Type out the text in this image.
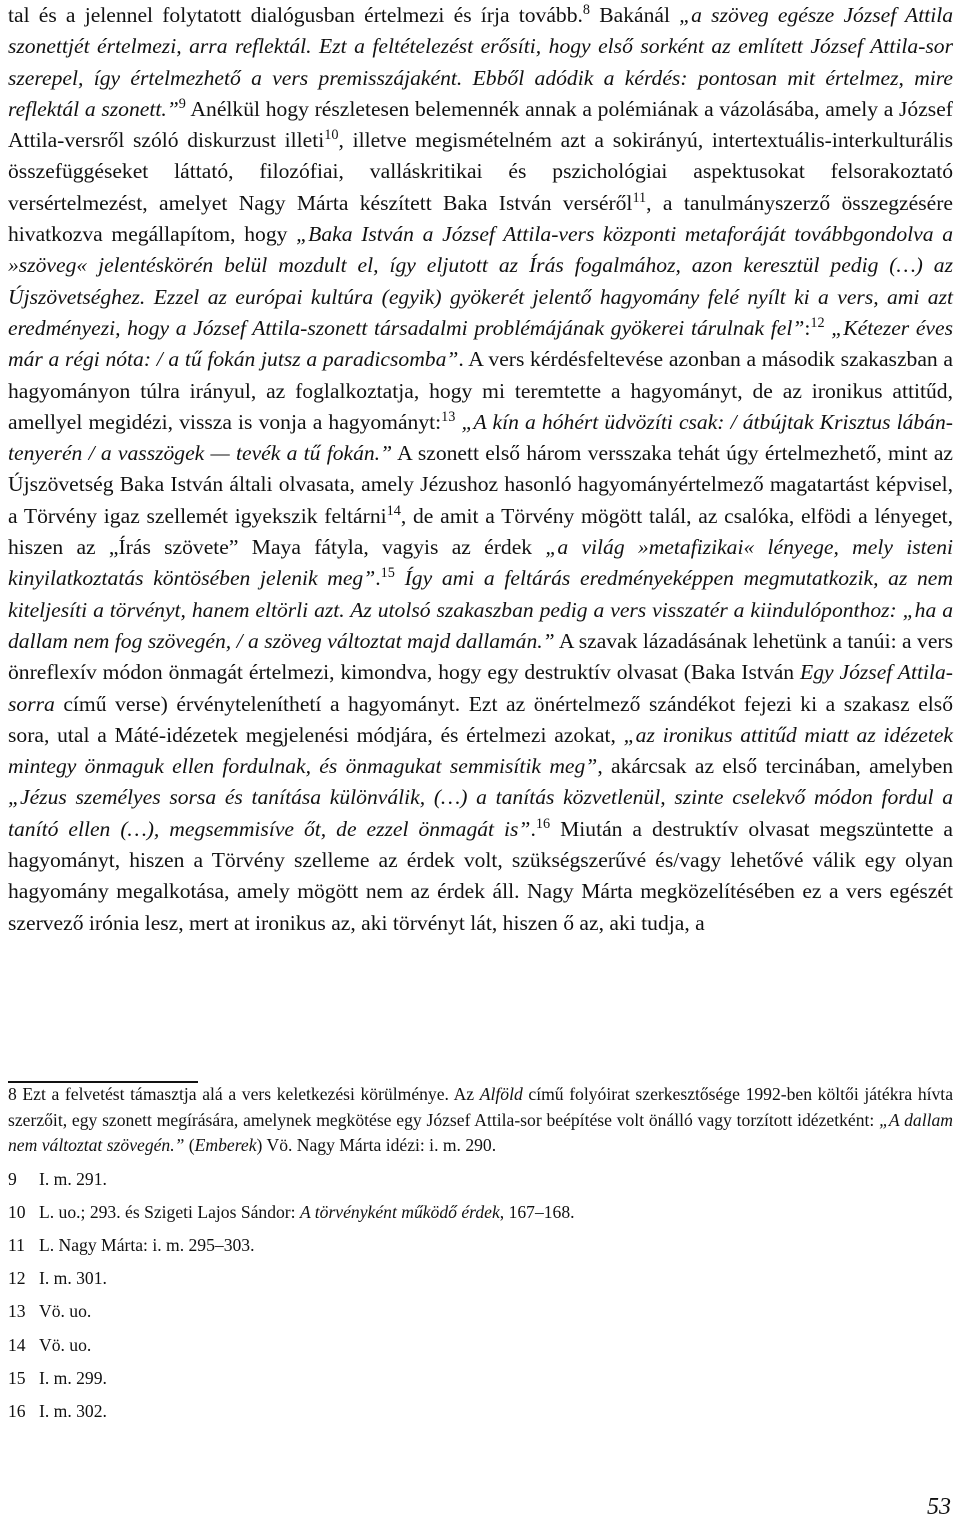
tal és a jelennel folytatott dialógusban értelmezi és írja tovább.$^8$ Bakánál „a szöveg egésze József Attila szonettjét értelmezi, arra reflektál. Ezt a feltételezést erősíti, hogy első sorként az említett József Attila-sor szerepel, így értelmezhető a vers premisszájaként. Ebből adódik a kérdés: pontosan mit értelmez, mire reflektál a szonett.”$^9$ Anélkül hogy részletesen belemennék annak a polémiának a vázolásába, amely a József Attila-versről szóló diskurzust illeti$^{10}$, illetve megismételném azt a sokirányú, intertextuális-interkulturális összefüggéseket láttató, filozófiai, valláskritikai és pszichológiai aspektusokat felsorakoztató versértelmezést, amelyet Nagy Márta készített Baka István verséről$^{11}$, a tanulmányszerző összegzésére hivatkozva megállapítom, hogy „Baka István a József Attila-vers központi metaforáját továbbgondolva a »szöveg« jelentéskörén belül mozdult el, így eljutott az Írás fogalmához, azon keresztül pedig (…) az Újszövetséghez. Ezzel az európai kultúra (egyik) gyökerét jelentő hagyomány felé nyílt ki a vers, ami azt eredményezi, hogy a József Attila-szonett társadalmi problémájának gyökerei tárulnak fel”:$^{12}$ „Kétezer éves már a régi nóta: / a tű fokán jutsz a paradicsomba”. A vers kérdésfeltevése azonban a második szakaszban a hagyományon túlra irányul, az foglalkoztatja, hogy mi teremtette a hagyományt, de az ironikus attitűd, amellyel megidézi, vissza is vonja a hagyományt:$^{13}$ „A kín a hóhért üdvözíti csak: / átbújtak Krisztus lábán-tenyerén / a vasszögek — tevék a tű fokán.” A szonett első három versszaka tehát úgy értelmezhető, mint az Újszövetség Baka István általi olvasata, amely Jézushoz hasonló hagyományértelmező magatartást képvisel, a Törvény igaz szellemét igyekszik feltárni$^{14}$, de amit a Törvény mögött talál, az csalóka, elfödi a lényeget, hiszen az „Írás szövete” Maya fátyla, vagyis az érdek „a világ »metafizikai« lényege, mely isteni kinyilatkoztatás köntösében jelenik meg”.$^{15}$ Így ami a feltárás eredményeképpen megmutatkozik, az nem kiteljesíti a törvényt, hanem eltörli azt. Az utolsó szakaszban pedig a vers visszatér a kiindulóponthoz: „ha a dallam nem fog szövegén, / a szöveg változtat majd dallamán.” A szavak lázadásának lehetünk a tanúi: a vers önreflexív módon önmagát értelmezi, kimondva, hogy egy destruktív olvasat (Baka István Egy József Attila-sorra című verse) érvényteleníthetí a hagyományt. Ezt az önértelmező szándékot fejezi ki a szakasz első sora, utal a Máté-idézetek megjelenési módjára, és értelmezi azokat, „az ironikus attitűd miatt az idézetek mintegy önmaguk ellen fordulnak, és önmagukat semmisítik meg”, akárcsak az első tercinában, amelyben „Jézus személyes sorsa és tanítása különválik, (…) a tanítás közvetlenül, szinte cselekvő módon fordul a tanító ellen (…), megsemmisíve őt, de ezzel önmagát is”.$^{16}$ Miután a destruktív olvasat megszüntette a hagyományt, hiszen a Törvény szelleme az érdek volt, szükségszerűvé és/vagy lehetővé válik egy olyan hagyomány megalkotása, amely mögött nem az érdek áll. Nagy Márta megközelítésében ez a vers egészét szervező irónia lesz, mert at ironikus az, aki törvényt lát, hiszen ő az, aki tudja, a

8 Ezt a felvetést támasztja alá a vers keletkezési körülménye. Az Alföld című folyóirat szerkesztősége 1992-ben költői játékra hívta szerzőit, egy szonett megírására, amelynek megkötése egy József Attila-sor beépítése volt önálló vagy torzított idézetként: „A dallam nem változtat szövegén.” (Emberek) Vö. Nagy Márta idézi: i. m. 290.

9 I. m. 291.
10 L. uo.; 293. és Szigeti Lajos Sándor: A törvényként működő érdek, 167–168.
11 L. Nagy Márta: i. m. 295–303.
12 I. m. 301.
13 Vö. uo.
14 Vö. uo.
15 I. m. 299.
16 I. m. 302.
53
